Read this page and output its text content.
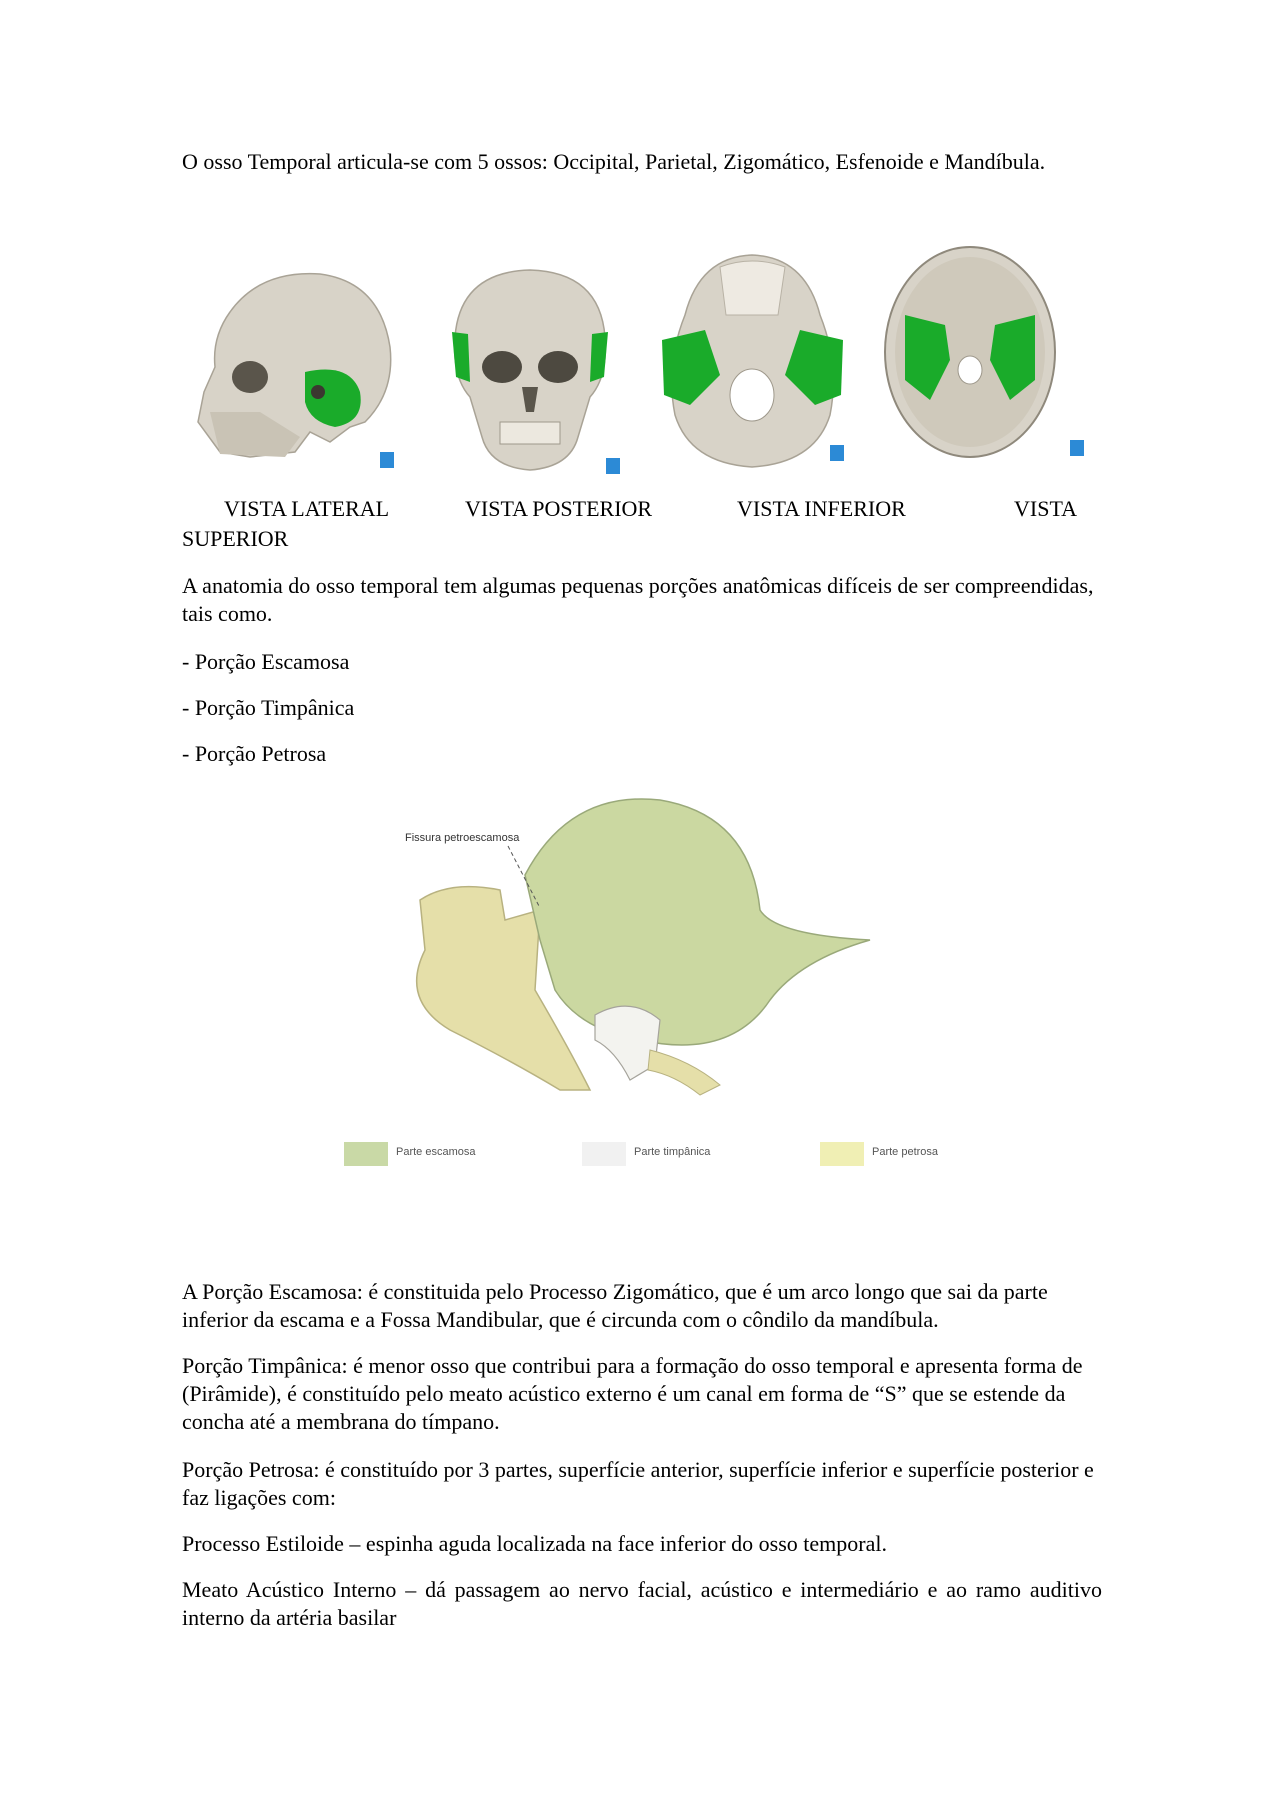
O osso Temporal articula-se com 5 ossos: Occipital, Parietal, Zigomático, Esfenoide e Mandíbula.

VISTA LATERAL	VISTA POSTERIOR	VISTA INFERIOR	VISTA
SUPERIOR

A anatomia do osso temporal tem algumas pequenas porções anatômicas difíceis de ser compreendidas, tais como.

- Porção Escamosa

- Porção Timpânica

- Porção Petrosa

Fissura petroescamosa
Parte escamosa	Parte timpânica	Parte petrosa

A Porção Escamosa: é constituida pelo Processo Zigomático, que é um arco longo que sai da parte inferior da escama e a Fossa Mandibular, que é circunda com o côndilo da mandíbula.

Porção Timpânica: é menor osso que contribui para a formação do osso temporal e apresenta forma de (Pirâmide), é constituído pelo meato acústico externo é um canal em forma de “S” que se estende da concha até a membrana do tímpano.

Porção Petrosa: é constituído por 3 partes, superfície anterior, superfície inferior e superfície posterior e faz ligações com:

Processo Estiloide – espinha aguda localizada na face inferior do osso temporal.

Meato Acústico Interno – dá passagem ao nervo facial, acústico e intermediário e ao ramo auditivo interno da artéria basilar
